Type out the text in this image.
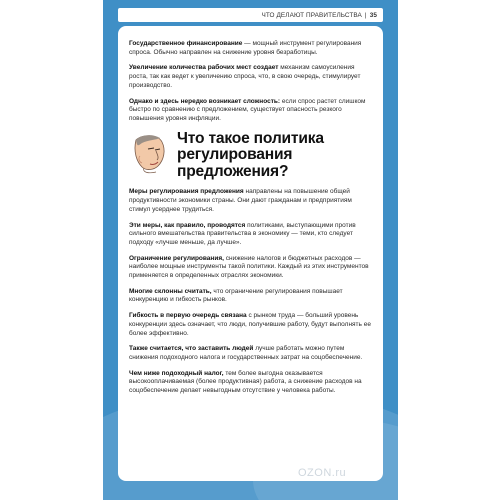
ЧТО ДЕЛАЮТ ПРАВИТЕЛЬСТВА | 35

Государственное финансирование — мощный инструмент регулирования спроса. Обычно направлен на снижение уровня безработицы.

Увеличение количества рабочих мест создает механизм самоусиления роста, так как ведет к увеличению спроса, что, в свою очередь, стимулирует производство.

Однако и здесь нередко возникает сложность: если спрос растет слишком быстро по сравнению с предложением, существует опасность резкого повышения уровня инфляции.

Что такое политика регулирования предложения?

Меры регулирования предложения направлены на повышение общей продуктивности экономики страны. Они дают гражданам и предприятиям стимул усерднее трудиться.

Эти меры, как правило, проводятся политиками, выступающими против сильного вмешательства правительства в экономику — теми, кто следует подходу «лучше меньше, да лучше».

Ограничение регулирования, снижение налогов и бюджетных расходов — наиболее мощные инструменты такой политики. Каждый из этих инструментов применяется в определенных отраслях экономики.

Многие склонны считать, что ограничение регулирования повышает конкуренцию и гибкость рынков.

Гибкость в первую очередь связана с рынком труда — больший уровень конкуренции здесь означает, что люди, получившие работу, будут выполнять ее более эффективно.

Также считается, что заставить людей лучше работать можно путем снижения подоходного налога и государственных затрат на соцобеспечение.

Чем ниже подоходный налог, тем более выгодна оказывается высокооплачиваемая (более продуктивная) работа, а снижение расходов на соцобеспечение делает невыгодным отсутствие у человека работы.

OZON.ru
